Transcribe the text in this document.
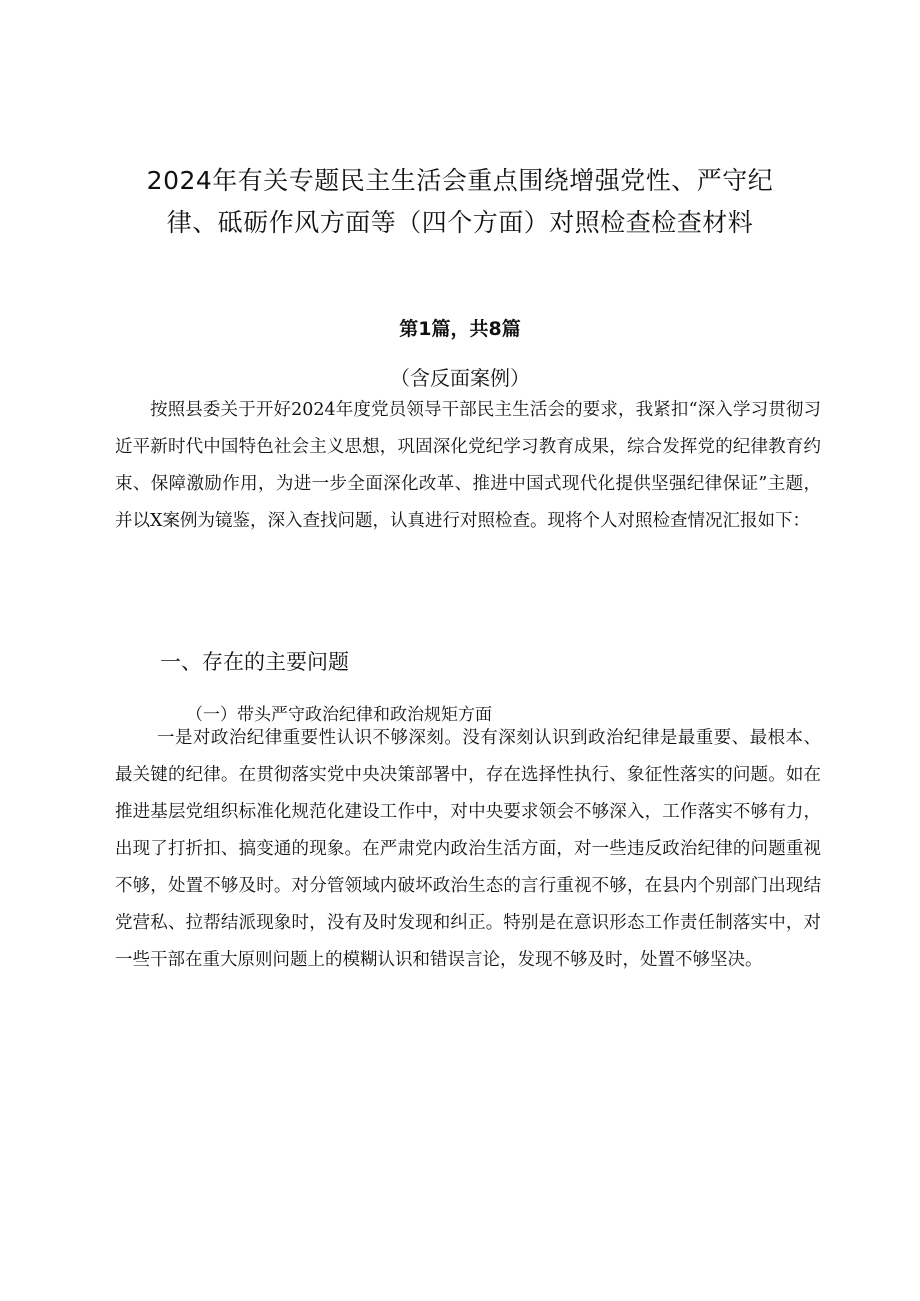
2024年有关专题民主生活会重点围绕增强党性、严守纪律、砥砺作风方面等（四个方面）对照检查检查材料

第1篇，共8篇

（含反面案例）

按照县委关于开好2024年度党员领导干部民主生活会的要求，我紧扣“深入学习贯彻习近平新时代中国特色社会主义思想，巩固深化党纪学习教育成果，综合发挥党的纪律教育约束、保障激励作用，为进一步全面深化改革、推进中国式现代化提供坚强纪律保证”主题，并以X案例为镜鉴，深入查找问题，认真进行对照检查。现将个人对照检查情况汇报如下：

一、存在的主要问题
（一）带头严守政治纪律和政治规矩方面

一是对政治纪律重要性认识不够深刻。没有深刻认识到政治纪律是最重要、最根本、最关键的纪律。在贯彻落实党中央决策部署中，存在选择性执行、象征性落实的问题。如在推进基层党组织标准化规范化建设工作中，对中央要求领会不够深入，工作落实不够有力，出现了打折扣、搞变通的现象。在严肃党内政治生活方面，对一些违反政治纪律的问题重视不够，处置不够及时。对分管领域内破坏政治生态的言行重视不够，在县内个别部门出现结党营私、拉帮结派现象时，没有及时发现和纠正。特别是在意识形态工作责任制落实中，对一些干部在重大原则问题上的模糊认识和错误言论，发现不够及时，处置不够坚决。
